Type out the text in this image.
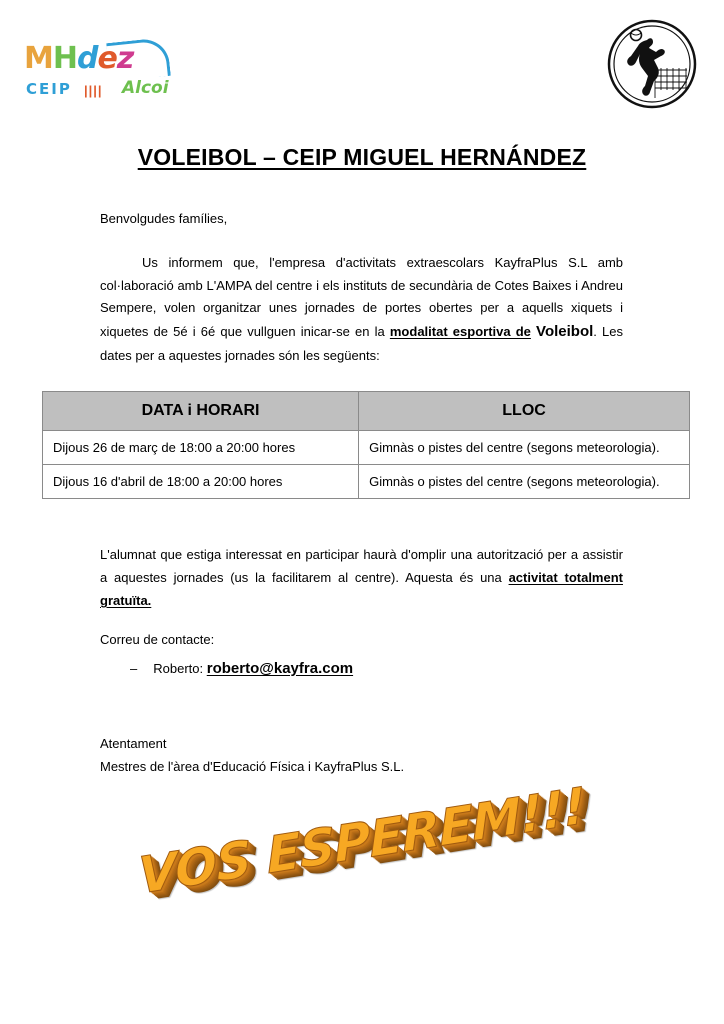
MHdez
CEIP |||| Alcoi
VOLEIBOL – CEIP MIGUEL HERNÁNDEZ

Benvolgudes famílies,

Us informem que, l'empresa d'activitats extraescolars KayfraPlus S.L amb col·laboració amb L'AMPA del centre i els instituts de secundària de Cotes Baixes i Andreu Sempere, volen organitzar unes jornades de portes obertes per a aquells xiquets i xiquetes de 5é i 6é que vullguen inicar-se en la modalitat esportiva de Voleibol. Les dates per a aquestes jornades són les següents:

DATA i HORARI	LLOC
Dijous 26 de març de 18:00 a 20:00 hores	Gimnàs o pistes del centre (segons meteorologia).
Dijous 16 d'abril de 18:00 a 20:00 hores	Gimnàs o pistes del centre (segons meteorologia).

L'alumnat que estiga interessat en participar haurà d'omplir una autorització per a assistir a aquestes jornades (us la facilitarem al centre). Aquesta és una activitat totalment gratuïta.

Correu de contacte:
– Roberto: roberto@kayfra.com
Atentament
Mestres de l'àrea d'Educació Física i KayfraPlus S.L.
VOS ESPEREM!!!
